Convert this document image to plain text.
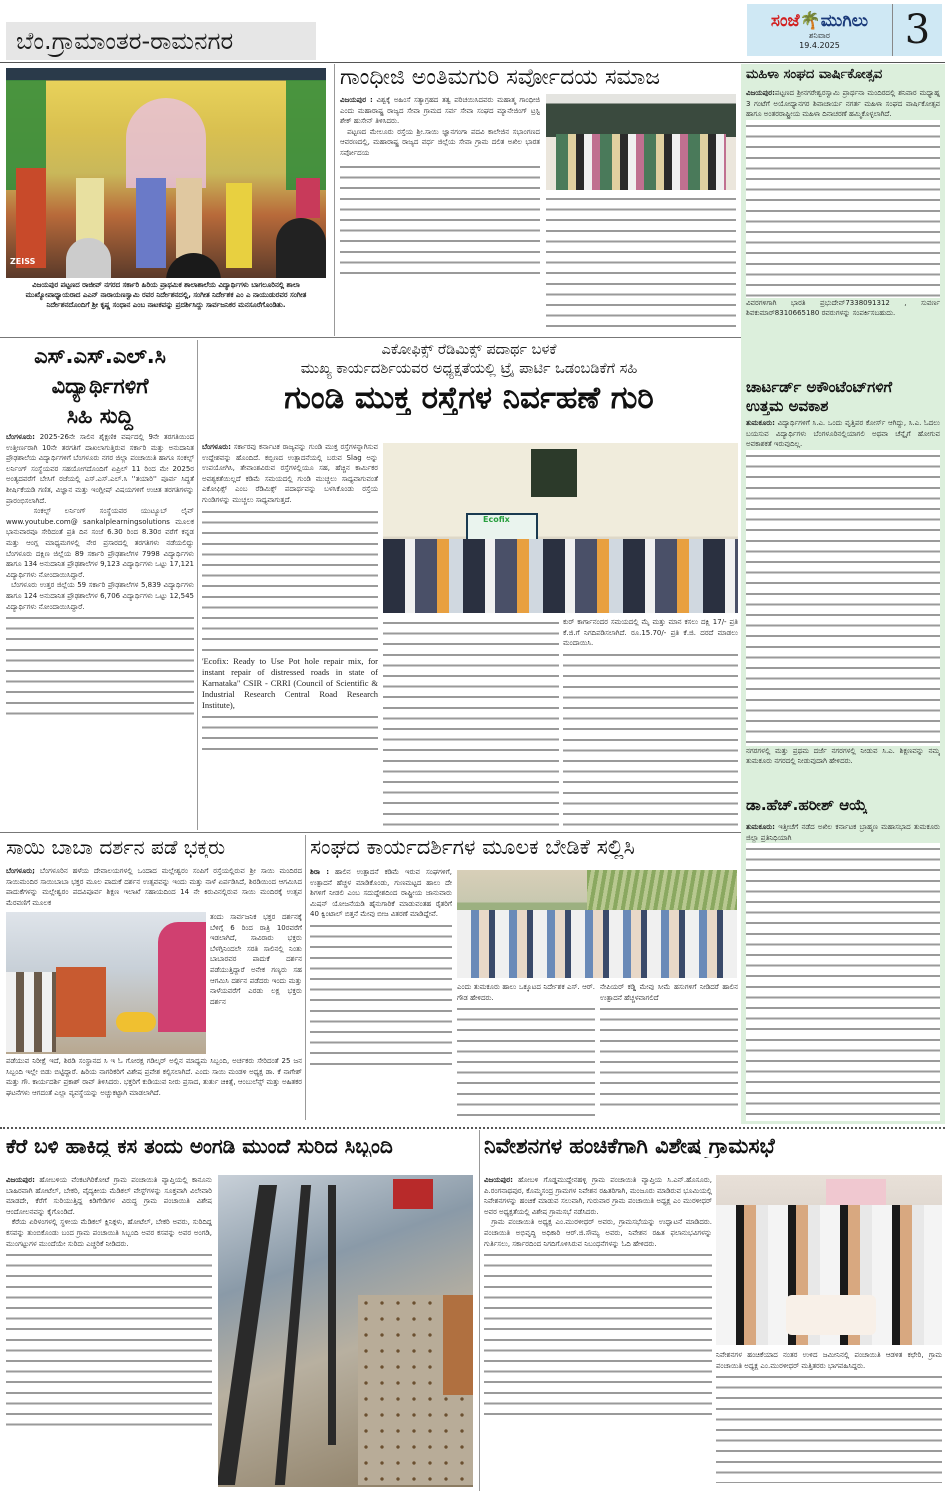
ಬೆಂ.ಗ್ರಾಮಾಂತರ-ರಾಮನಗರ
ಸಂಜೆ🌴ಮುಗಿಲು
ಶನಿವಾರ
19.4.2025	3
ZEISS
ವಿಜಯಪುರ ಪಟ್ಟಣದ ರಾಜೀವ್ ನಗರದ ಸರ್ಕಾರಿ ಹಿರಿಯ ಪ್ರಾಥಮಿಕ ಶಾಲಾಶಾಲೆಯ ವಿದ್ಯಾರ್ಥಿಗಳು ಬಾಗಲೂರಿನಲ್ಲಿ ಶಾಲಾ ಮುಖ್ಯೋಪಾಧ್ಯಾಯರಾದ ಎಎನ್ ನಾರಾಯಣಸ್ವಾಮಿ ರವರ ನಿರ್ದೇಶನದಲ್ಲಿ, ಸಂಗೀತ ನಿರ್ದೇಶಕ ಎಂ ಎ ನಾಯುಡುರವರ ಸಂಗೀತ ನಿರ್ದೇಶನದೊಂದಿಗೆ ಶ್ರೀ ಕೃಷ್ಣ ಸಂಧಾನ ಎಂಬ ನಾಟಕವನ್ನು ಪ್ರದರ್ಶಿಸಿದ್ದು ಸಾರ್ವಜನಿಕರ ಮನಸೂರೆಗೊಂಡಿತು.
ಗಾಂಧೀಜಿ ಅಂತಿಮಗುರಿ ಸರ್ವೋದಯ ಸಮಾಜ
ವಿಜಯಪುರ : ವಿಶ್ವಕ್ಕೆ ಅಹಿಂಸೆ ಸತ್ಯಾಗ್ರಹದ ತತ್ವ ಪರಿಚಯಿಸಿದವರು ಮಹಾತ್ಮ ಗಾಂಧೀಜಿ ಎಂದು ಮಹಾರಾಷ್ಟ್ರ ರಾಜ್ಯದ ಸೇವಾ ಗ್ರಾಮದ ಸರ್ವ ಸೇವಾ ಸಂಘದ ಮ್ಯಾನೇಜಿಂಗ್ ಟ್ರಸ್ಟಿ ಶೇಕ್ ಹುಸೇನ್ ತಿಳಿಸಿದರು.
ಪಟ್ಟಣದ ಮೇಲೂರು ರಸ್ತೆಯ ಶ್ರೀ.ಸಾಯಿ ಜ್ಞಾನಗಂಗಾ ಪದವಿ ಕಾಲೇಜಿನ ಸಭಾಂಗಣದ ಆವರಣದಲ್ಲಿ, ಮಹಾರಾಷ್ಟ್ರ ರಾಜ್ಯದ ವರ್ಧ ಜಿಲ್ಲೆಯ ಸೇವಾ ಗ್ರಾಮ ದಲಿತ ಅಖಿಲ ಭಾರತ ಸರ್ವೋದಯ
ಮಹಿಳಾ ಸಂಘದ ವಾರ್ಷಿಕೋತ್ಸವ
ವಿಜಯಪುರ:ಪಟ್ಟಣದ ಶ್ರೀನಗರೇಶ್ವರಸ್ವಾಮಿ ಪ್ರಾರ್ಥನಾ ಮಂದಿರದಲ್ಲಿ ಶನಿವಾರ ಮಧ್ಯಾಹ್ನ 3 ಗಂಟೆಗೆ ಅಯೋಧ್ಯಾನಗರ ಶಿವಾಚಾರ್ಯ ನಗರ್ತ ಮಹಿಳಾ ಸಂಘದ ವಾರ್ಷಿಕೋತ್ಸವ ಹಾಗೂ ಅಂತರರಾಷ್ಟ್ರೀಯ ಮಹಿಳಾ ದಿನಾಚರಣೆ ಹಮ್ಮಿಕೊಳ್ಳಲಾಗಿದೆ.
ವಿವರಗಳಿಗಾಗಿ ಭಾರತಿ ಪ್ರಭುದೇವ್7338091312 , ಸುವರ್ಣ ಶಿವಕುಮಾರ್8310665180 ರವರುಗಳನ್ನು ಸಂಪರ್ಕಿಸಬಹುದು.
ಚಾರ್ಟರ್ಡ್ ಅಕೌಂಟೆಂಟ್‌ಗಳಿಗೆ
ಉತ್ತಮ ಅವಕಾಶ
ತುಮಕೂರು: ವಿದ್ಯಾರ್ಥಿಗಳಿಗೆ ಸಿ.ಎ. ಒಂದು ವೃತ್ತಿಪರ ಕೋರ್ಸ್ ಆಗಿದ್ದು, ಸಿ.ಎ. ಓದಲು ಬಯಸುವ ವಿದ್ಯಾರ್ಥಿಗಳು ಬೆಂಗಳೂರಿನಲ್ಲಿಯಾಗಲಿ ಅಥವಾ ಚೆನ್ನೈಗೆ ಹೋಗುವ ಅವಕಾಶಕತೆ ಇರುವುದಿಲ್ಲ.
ನಗರಗಳಲ್ಲಿ ಮತ್ತು ಪ್ರಥಮ ದರ್ಜೆ ನಗರಗಳಲ್ಲಿ ನೀಡುವ ಸಿ.ಎ. ಶಿಕ್ಷಣವನ್ನು ನಮ್ಮ ತುಮಕೂರು ನಗರದಲ್ಲಿ ನೀಡುವುದಾಗಿ ಹೇಳಿದರು.
ಡಾ.ಹೆಚ್.ಹರೀಶ್ ಆಯ್ಕೆ
ತುಮಕೂರು: ಇತ್ತೀಚೆಗೆ ನಡೆದ ಅಖಿಲ ಕರ್ನಾಟಕ ಬ್ರಾಹ್ಮಣ ಮಹಾಸಭಾದ ತುಮಕೂರು ಜಿಲ್ಲಾ ಪ್ರತಿನಿಧಿಯಾಗಿ
ಎಸ್.ಎಸ್.ಎಲ್.ಸಿ
ವಿದ್ಯಾರ್ಥಿಗಳಿಗೆ
ಸಿಹಿ ಸುದ್ದಿ
ಬೆಂಗಳೂರು: 2025-26ನೇ ಸಾಲಿನ ಶೈಕ್ಷಣಿಕ ವರ್ಷದಲ್ಲಿ 9ನೇ ತರಗತಿಯಿಂದ ಉತ್ತೀರ್ಣರಾಗಿ 10ನೇ ತರಗತಿಗೆ ದಾಖಲಾಗುತ್ತಿರುವ ಸರ್ಕಾರಿ ಮತ್ತು ಅನುದಾನಿತ ಪ್ರೌಢಶಾಲೆಯ ವಿದ್ಯಾರ್ಥಿಗಳಿಗೆ ಬೆಂಗಳೂರು ನಗರ ಜಿಲ್ಲಾ ಪಂಚಾಯಿತಿ ಹಾಗೂ ಸಂಕಲ್ಪ್ ಲರ್ನಿಂಗ್ ಸಂಸ್ಥೆಯವರ ಸಹಯೋಗದೊಂದಿಗೆ ಏಪ್ರಿಲ್ 11 ರಿಂದ ಮೇ 2025ರ ಅಂತ್ಯದವರೆಗೆ ಬೇಸಿಗೆ ರಜೆಯಲ್ಲಿ ಎಸ್.ಎಸ್.ಎಲ್.ಸಿ ''ತಯಾರಿ'' ಪೂರ್ವ ಸಿದ್ಧತೆ ಶೀರ್ಷಿಕೆಯಡಿ ಗಣಿತ, ವಿಜ್ಞಾನ ಮತ್ತು ಇಂಗ್ಲೀಷ್ ವಿಷಯಗಳಿಗೆ ಉಚಿತ ತರಗತಿಗಳನ್ನು ಪ್ರಾರಂಭಿಸಲಾಗಿದೆ.
ಸಂಕಲ್ಪ್ ಲರ್ನಿಂಗ್ ಸಂಸ್ಥೆಯವರ ಯುಟ್ಯೂಬ್ ಲೈವ್ www.youtube.com@ sankalplearningsolutions ಮೂಲಕ ಭಾನುವಾರವೂ ಸೇರಿದಂತೆ ಪ್ರತಿ ದಿನ ಸಂಜೆ 6.30 ರಿಂದ 8.30ರ ವರೆಗೆ ಕನ್ನಡ ಮತ್ತು ಆಂಗ್ಲ ಮಾಧ್ಯಮಗಳಲ್ಲಿ ನೇರ ಪ್ರಸಾರದಲ್ಲಿ ತರಗತಿಗಳು ನಡೆಯಲಿದ್ದು ಬೆಂಗಳೂರು ದಕ್ಷಿಣ ಜಿಲ್ಲೆಯ 89 ಸರ್ಕಾರಿ ಪ್ರೌಢಶಾಲೆಗಳ 7998 ವಿದ್ಯಾರ್ಥಿಗಳು ಹಾಗೂ 134 ಅನುದಾನಿತ ಪ್ರೌಢಶಾಲೆಗಳ 9,123 ವಿದ್ಯಾರ್ಥಿಗಳು ಒಟ್ಟು 17,121 ವಿದ್ಯಾರ್ಥಿಗಳು ನೋಂದಾಯಿಸಿದ್ದಾರೆ.
ಬೆಂಗಳೂರು ಉತ್ತರ ಜಿಲ್ಲೆಯ 59 ಸರ್ಕಾರಿ ಪ್ರೌಢಶಾಲೆಗಳ 5,839 ವಿದ್ಯಾರ್ಥಿಗಳು ಹಾಗೂ 124 ಅನುದಾನಿತ ಪ್ರೌಢಶಾಲೆಗಳ 6,706 ವಿದ್ಯಾರ್ಥಿಗಳು ಒಟ್ಟು 12,545 ವಿದ್ಯಾರ್ಥಿಗಳು ನೋಂದಾಯಿಸಿದ್ದಾರೆ.
ಎಕೋಫಿಕ್ಸ್ ರೆಡಿಮಿಕ್ಸ್ ಪದಾರ್ಥ ಬಳಕೆ
ಮುಖ್ಯ ಕಾರ್ಯದರ್ಶಿಯವರ ಅಧ್ಯಕ್ಷತೆಯಲ್ಲಿ ಟ್ರೈ ಪಾರ್ಟಿ ಒಡಂಬಡಿಕೆಗೆ ಸಹಿ
ಗುಂಡಿ ಮುಕ್ತ ರಸ್ತೆಗಳ ನಿರ್ವಹಣೆ ಗುರಿ
ಬೆಂಗಳೂರು: ಸರ್ಕಾರವು ಕರ್ನಾಟಕ ರಾಜ್ಯವನ್ನು ಗುಂಡಿ ಮುಕ್ತ ರಸ್ತೆಗಳನ್ನಾಗಿಸುವ ಉದ್ದೇಶವನ್ನು ಹೊಂದಿದೆ. ಕಬ್ಬಿಣದ ಉತ್ಪಾದನೆಯಲ್ಲಿ ಬರುವ Slag ಅನ್ನು ಉಪಯೋಗಿಸಿ, ತೇವಾಂಶವಿರುವ ರಸ್ತೆಗಳಲ್ಲಿಯೂ ಸಹ, ಹೆಚ್ಚಿನ ಕಾರ್ಮಿಕರ ಅವಶ್ಯಕತೆಯಿಲ್ಲದೆ ಕಡಿಮೆ ಸಮಯದಲ್ಲಿ ಗುಂಡಿ ಮುಚ್ಚಲು ಸಾಧ್ಯವಾಗುವಂತೆ ಎಕೋಫಿಕ್ಸ್ ಎಂಬ ರೆಡಿಮಿಕ್ಸ್ ಪದಾರ್ಥವನ್ನು ಬಳಸಿಕೊಂಡು ರಸ್ತೆಯ ಗುಂಡಿಗಳನ್ನು ಮುಚ್ಚಲು ಸಾಧ್ಯವಾಗುತ್ತದೆ.
'Ecofix: Ready to Use Pot hole repair mix, for instant repair of distressed roads in state of Karnataka" CSIR - CRRI (Council of Scientific & Industrial Research Central Road Research Institute),
Ecofix
ಕುರ್ ಕಾರ್ಗಾನಂದರ ಸಮಯದಲ್ಲಿ ಮೈ ಮತ್ತು ಮಾನ ಕಸಲು ದಕ್ಷಿ 17/- ಪ್ರತಿ ಕೆ.ಜಿ.ಗೆ ನಿಗದಿಪಡಿಸಲಾಗಿದೆ. ರೂ.15.70/- ಪ್ರತಿ ಕೆ.ಜಿ. ದರದೆ ಮಾಡಲು ಮಂದಾಯಿಸಿ.
ಸಾಯಿ ಬಾಬಾ ದರ್ಶನ ಪಡೆ ಭಕ್ತರು
ಬೆಂಗಳೂರು; ಬೆಂಗಳೂರಿನ ಹಳೆಯ ದೇವಾಲಯಗಳಲ್ಲಿ ಒಂದಾದ ಮಲ್ಲೇಶ್ವರಂ ಸಂಪಿಗೆ ರಸ್ತೆಯಲ್ಲಿರುವ ಶ್ರೀ ಸಾಯಿ ಮಂದಿರದ ಸಾಯಿಮಂದಿರ ಸಾಯಿಬಾಬಾ ಭಕ್ತರ ಮೂಲ ಪಾದುಕೆ ದರ್ಶನ ಉತ್ಸವವನ್ನು ಇಂದು ಮತ್ತು ನಾಳೆ ಏರ್ಪಡಿಸಿದೆ, ಶಿರಡಿಯಿಂದ ಆಗಮಿಸಿದ ಪಾದುಕೆಗಳನ್ನು ಮಲ್ಲೇಶ್ವರಂ ಪದವಿಪೂರ್ವ ಶಿಕ್ಷಣ ಇಲಾಖೆ ಸಹಾಯದಿಂದ 14 ನೇ ಕಿರುವಿನಲ್ಲಿರುವ ಸಾಯಿ ಮಂದಿರಕ್ಕೆ ಉತ್ಸವ ಮೆರವಣಿಗೆ ಮೂಲಕ
ತಂದು ಸಾರ್ವಜನಿಕ ಭಕ್ತರ ದರ್ಶನಕ್ಕೆ ಬೆಳಿಗ್ಗೆ 6 ರಿಂದ ರಾತ್ರಿ 10ರವರೆಗೆ ಇಡಲಾಗಿದೆ, ಸಾವಿರಾರು ಭಕ್ತರು ಬೆಳಗ್ಗಿನಿಂದಲೇ ಸರತಿ ಸಾಲಿನಲ್ಲಿ ನಿಂತು ಬಾಬಾರವರ ಪಾದುಕೆ ದರ್ಶನ ಪಡೆಯುತ್ತಿದ್ದಾರೆ ಅನೇಕ ಗಣ್ಯರು ಸಹ ಆಗಮಿಸಿ ದರ್ಶನ ಪಡೆದರು ಇಂದು ಮತ್ತು ನಾಳೆಯವರೆಗೆ ಎರಡು ಲಕ್ಷ ಭಕ್ತರು ದರ್ಶನ
ಪಡೆಯುವ ನಿರೀಕ್ಷೆ ಇದೆ, ಶಿರಡಿ ಸಂಸ್ಥಾನದ ಸಿ ಇ ಓ ಗೋರಕ್ಷ ಗಡಿಲ್ಕರ್ ಅಲ್ಲಿನ ಮಾಧ್ಯಮ ಸಿಬ್ಬಂದಿ, ಅರ್ಚಕರು ಸೇರಿದಂತೆ 25 ಜನ ಸಿಬ್ಬಂದಿ ಇಲ್ಲೇ ಬಿಡು ಬಿಟ್ಟಿದ್ದಾರೆ. ಹಿರಿಯ ನಾಗರಿಕರಿಗೆ ವಿಶೇಷ ಪ್ರವೇಶ ಕಲ್ಪಿಸಲಾಗಿದೆ. ಎಂದು ಸಾಯಿ ಮಂಡಳಿ ಅಧ್ಯಕ್ಷ ಡಾ. ಕೆ ನಾಗೇಶ್ ಮತ್ತು ಗೌ. ಕಾರ್ಯದರ್ಶಿ ಪ್ರಕಾಶ್ ರಾವ್ ತಿಳಿಸಿದರು. ಭಕ್ತರಿಗೆ ಕುಡಿಯುವ ನೀರು ಪ್ರಸಾದ, ತುರ್ತು ಚಿಕಿತ್ಸೆ, ಆಂಬುಲೆನ್ಸ್ ಮತ್ತು ಅಹಿತಕರ ಘಟನೆಗಳು ಆಗದಂತೆ ಎಲ್ಲಾ ವ್ಯವಸ್ಥೆಯನ್ನು ಅಚ್ಚುಕಟ್ಟಾಗಿ ಮಾಡಲಾಗಿದೆ.
ಸಂಘದ ಕಾರ್ಯದರ್ಶಿಗಳ ಮೂಲಕ ಬೇಡಿಕೆ ಸಲ್ಲಿಸಿ
ಶಿರಾ : ಹಾಲಿನ ಉತ್ಪಾದನೆ ಕಡಿಮೆ ಇರುವ ಸಂಘಗಳಿಗೆ, ಉತ್ಪಾದನೆ ಹೆಚ್ಚಳ ಮಾಡಿಕೊಂಡು, ಗುಣಮಟ್ಟದ ಹಾಲು ದೇ ಶಿಗಳಿಗೆ ನೀಡಲಿ ಎಂಬ ಸದುದ್ದೇಶದಿಂದ ರಾಷ್ಟ್ರೀಯ ಜಾನುವಾರು ಮಿಷನ್ ಯೋಜನೆಯಡಿ ಹೈನುಗಾರಿಕೆ ಮಾಡುವಂತಹ ರೈತರಿಗೆ 40 ಕ್ವಿಂಟಾಲ್ ಬಿತ್ತನೆ ಮೇವು ಬೀಜ ವಿತರಣೆ ಮಾಡಿದ್ದೇವೆ.
ಎಂದು ತುಮಕೂರು ಹಾಲು ಒಕ್ಕೂಟದ ನಿರ್ದೇಶಕ ಎಸ್. ಆರ್. ಗೌಡ ಹೇಳಿದರು.
ನೇಪಿಯರ್ ಕಡ್ಡಿ ಮೇವು ಸೀಮೆ ಹಸುಗಳಿಗೆ ನೀಡಿದರೆ ಹಾಲಿನ ಉತ್ಪಾದನೆ ಹೆಚ್ಚಳವಾಗಲಿದೆ
ಕೆರೆ ಬಳಿ ಹಾಕಿದ್ದ ಕಸ ತಂದು ಅಂಗಡಿ ಮುಂದೆ ಸುರಿದ ಸಿಬ್ಬಂದಿ
ವಿಜಯಪುರ: ಹೋಬಳಿಯ ವೆಂಕಟಗಿರಿಕೋಟೆ ಗ್ರಾಮ ಪಂಚಾಯಿತಿ ವ್ಯಾಪ್ತಿಯಲ್ಲಿ ಕಾನೂನು ಬಾಹಿರವಾಗಿ ಹೋಟೆಲ್, ಬೇಕರಿ, ವೈದ್ಯಕೀಯ ಮೆಡಿಕಲ್ ವೇಸ್ಟ್‌ಗಳನ್ನು ಸೂಕ್ತವಾಗಿ ವಿಲೇವಾರಿ ಮಾಡದೇ, ಕೆರೆಗೆ ಸುರಿಯುತ್ತಿದ್ದ ಕಿಡಿಗೇಡಿಗಳ ವಿರುದ್ಧ ಗ್ರಾಮ ಪಂಚಾಯಿತಿ ವಿಶೇಷ ಆಂದೋಲನವನ್ನು ಕೈಗೊಂಡಿದೆ.
ಕೆರೆಯ ಏರಿಳಂಗಳಲ್ಲಿ ಸ್ಥಳೀಯ ಮೆಡಿಕಲ್ ಕ್ಲಿನಿಕ್ಗಳು, ಹೋಟೆಲ್, ಬೇಕರಿ ಅವರು, ಸುರಿದಿದ್ದ ಕಸವನ್ನು ತುಂಬಿಕೊಂಡು ಬಂದ ಗ್ರಾಮ ಪಂಚಾಯಿತಿ ಸಿಬ್ಬಂದಿ ಅವರ ಕಸವನ್ನು ಅವರ ಅಂಗಡಿ, ಮುಂಗಟ್ಟುಗಳ ಮುಂದೆಯೇ ಸುರಿದು ಎಚ್ಚರಿಕೆ ನೀಡಿದರು.
ನಿವೇಶನಗಳ ಹಂಚಿಕೆಗಾಗಿ ವಿಶೇಷ ಗ್ರಾಮಸಭೆ
ವಿಜಯಪುರ: ಹೋಬಳಿ ಗೊಡ್ಡಮುದ್ದೇನಹಳ್ಳಿ ಗ್ರಾಮ ಪಂಚಾಯಿತಿ ವ್ಯಾಪ್ತಿಯ ಸಿ.ಎನ್.ಹೊಸೂರು, ಪಿ.ರಂಗನಾಥಪುರ, ಕೊಮ್ಮಸಂದ್ರ ಗ್ರಾಮಗಳ ನಿವೇಶನ ರಹಿತರಿಗಾಗಿ, ಮಂಜೂರು ಮಾಡಿರುವ ಭೂಮಿಯಲ್ಲಿ ನಿವೇಶನಗಳನ್ನು ಹಂಚಿಕೆ ಮಾಡುವ ಸಲುವಾಗಿ, ಗುರುವಾರ ಗ್ರಾಮ ಪಂಚಾಯಿತಿ ಅಧ್ಯಕ್ಷ ಎಂ ಮುರಳೀಧರ್ ಅವರ ಅಧ್ಯಕ್ಷತೆಯಲ್ಲಿ ವಿಶೇಷ ಗ್ರಾಮಸಭೆ ನಡೆಸಿದರು.
ಗ್ರಾಮ ಪಂಚಾಯಿತಿ ಅಧ್ಯಕ್ಷ ಎಂ.ಮುರಳೀಧರ್ ಅವರು, ಗ್ರಾಮಸಭೆಯನ್ನು ಉದ್ಘಾಟನೆ ಮಾಡಿದರು. ಪಂಚಾಯಿತಿ ಅಭಿವೃದ್ಧಿ ಅಧಿಕಾರಿ ಆರ್.ಜಿ.ಸೌಮ್ಯ ಅವರು, ನಿವೇಶನ ರಹಿತ ಫಲಾನುಭವಿಗಳನ್ನು ಗುರ್ತಿಸಲು, ಸರ್ಕಾರದಿಂದ ನಿಗದಿಗೊಳಿಸಿರುವ ನಿಬಂಧನೆಗಳನ್ನು ಓದಿ ಹೇಳಿದರು.
ನಿವೇಶನಗಳ ಹಂಚಿಕೆಯಾದ ನಂತರ ಉಳಿದ ಜಮೀನಿನಲ್ಲಿ ಪಂಚಾಯಿತಿ ಆಡಳಿತ ಕಛೇರಿ, ಗ್ರಾಮ ಪಂಚಾಯಿತಿ ಅಧ್ಯಕ್ಷ ಎಂ.ಮುರಳೀಧರ್ ಮತ್ತಿತರರು ಭಾಗವಹಿಸಿದ್ದರು.
